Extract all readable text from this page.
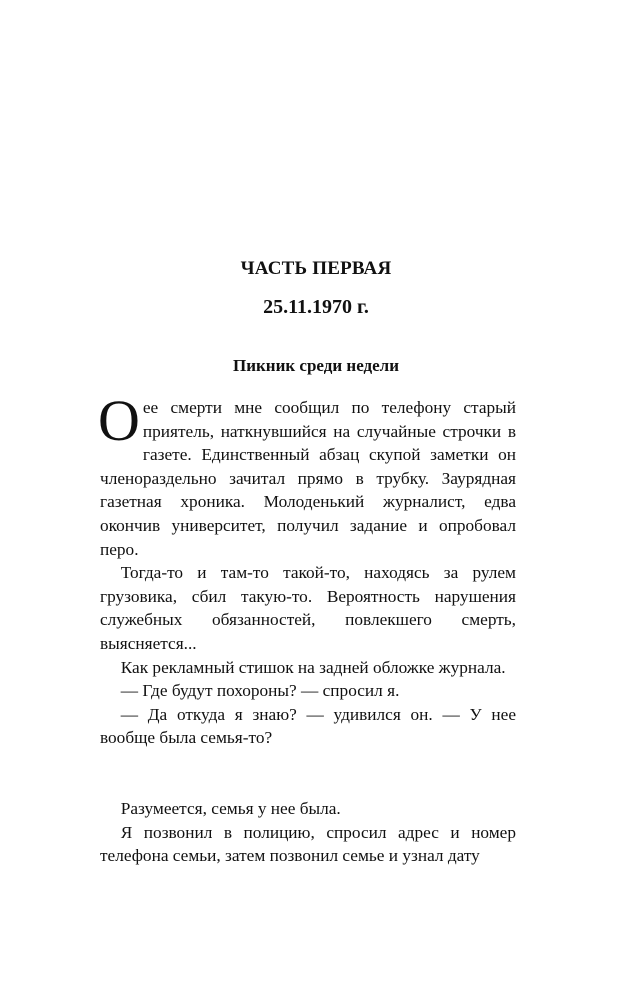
ЧАСТЬ ПЕРВАЯ
25.11.1970 г.
Пикник среди недели

Оее смерти мне сообщил по телефону старый приятель, наткнувшийся на случайные строчки в газете. Единственный абзац скупой заметки он членораздельно зачитал прямо в трубку. Заурядная газетная хроника. Молоденький журналист, едва окончив университет, получил задание и опробовал перо.

Тогда-то и там-то такой-то, находясь за рулем грузовика, сбил такую-то. Вероятность нарушения служебных обязанностей, повлекшего смерть, выясняется...

Как рекламный стишок на задней обложке журнала.

— Где будут похороны? — спросил я.

— Да откуда я знаю? — удивился он. — У нее вообще была семья-то?

Разумеется, семья у нее была.

Я позвонил в полицию, спросил адрес и номер телефона семьи, затем позвонил семье и узнал дату
